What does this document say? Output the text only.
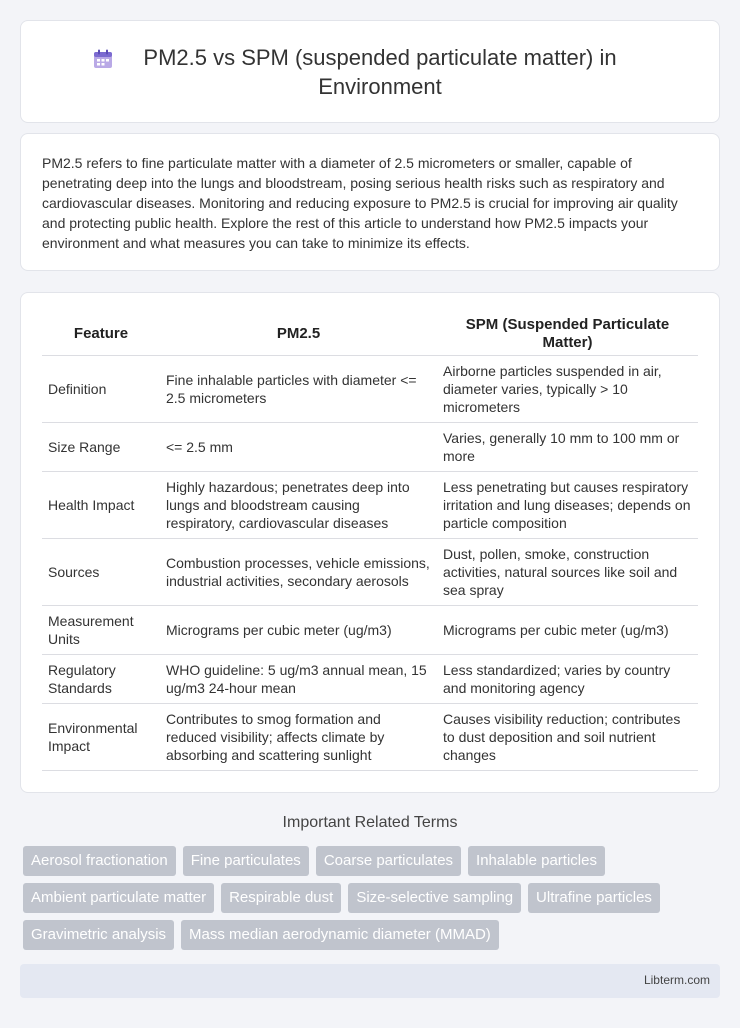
PM2.5 vs SPM (suspended particulate matter) in Environment

PM2.5 refers to fine particulate matter with a diameter of 2.5 micrometers or smaller, capable of penetrating deep into the lungs and bloodstream, posing serious health risks such as respiratory and cardiovascular diseases. Monitoring and reducing exposure to PM2.5 is crucial for improving air quality and protecting public health. Explore the rest of this article to understand how PM2.5 impacts your environment and what measures you can take to minimize its effects.

Feature	PM2.5	SPM (Suspended Particulate Matter)
Definition	Fine inhalable particles with diameter <= 2.5 micrometers	Airborne particles suspended in air, diameter varies, typically > 10 micrometers
Size Range	<= 2.5 mm	Varies, generally 10 mm to 100 mm or more
Health Impact	Highly hazardous; penetrates deep into lungs and bloodstream causing respiratory, cardiovascular diseases	Less penetrating but causes respiratory irritation and lung diseases; depends on particle composition
Sources	Combustion processes, vehicle emissions, industrial activities, secondary aerosols	Dust, pollen, smoke, construction activities, natural sources like soil and sea spray
Measurement Units	Micrograms per cubic meter (ug/m3)	Micrograms per cubic meter (ug/m3)
Regulatory Standards	WHO guideline: 5 ug/m3 annual mean, 15 ug/m3 24-hour mean	Less standardized; varies by country and monitoring agency
Environmental Impact	Contributes to smog formation and reduced visibility; affects climate by absorbing and scattering sunlight	Causes visibility reduction; contributes to dust deposition and soil nutrient changes
Important Related Terms
Aerosol fractionation	Fine particulates	Coarse particulates	Inhalable particles
Ambient particulate matter	Respirable dust	Size-selective sampling	Ultrafine particles
Gravimetric analysis	Mass median aerodynamic diameter (MMAD)
Libterm.com
